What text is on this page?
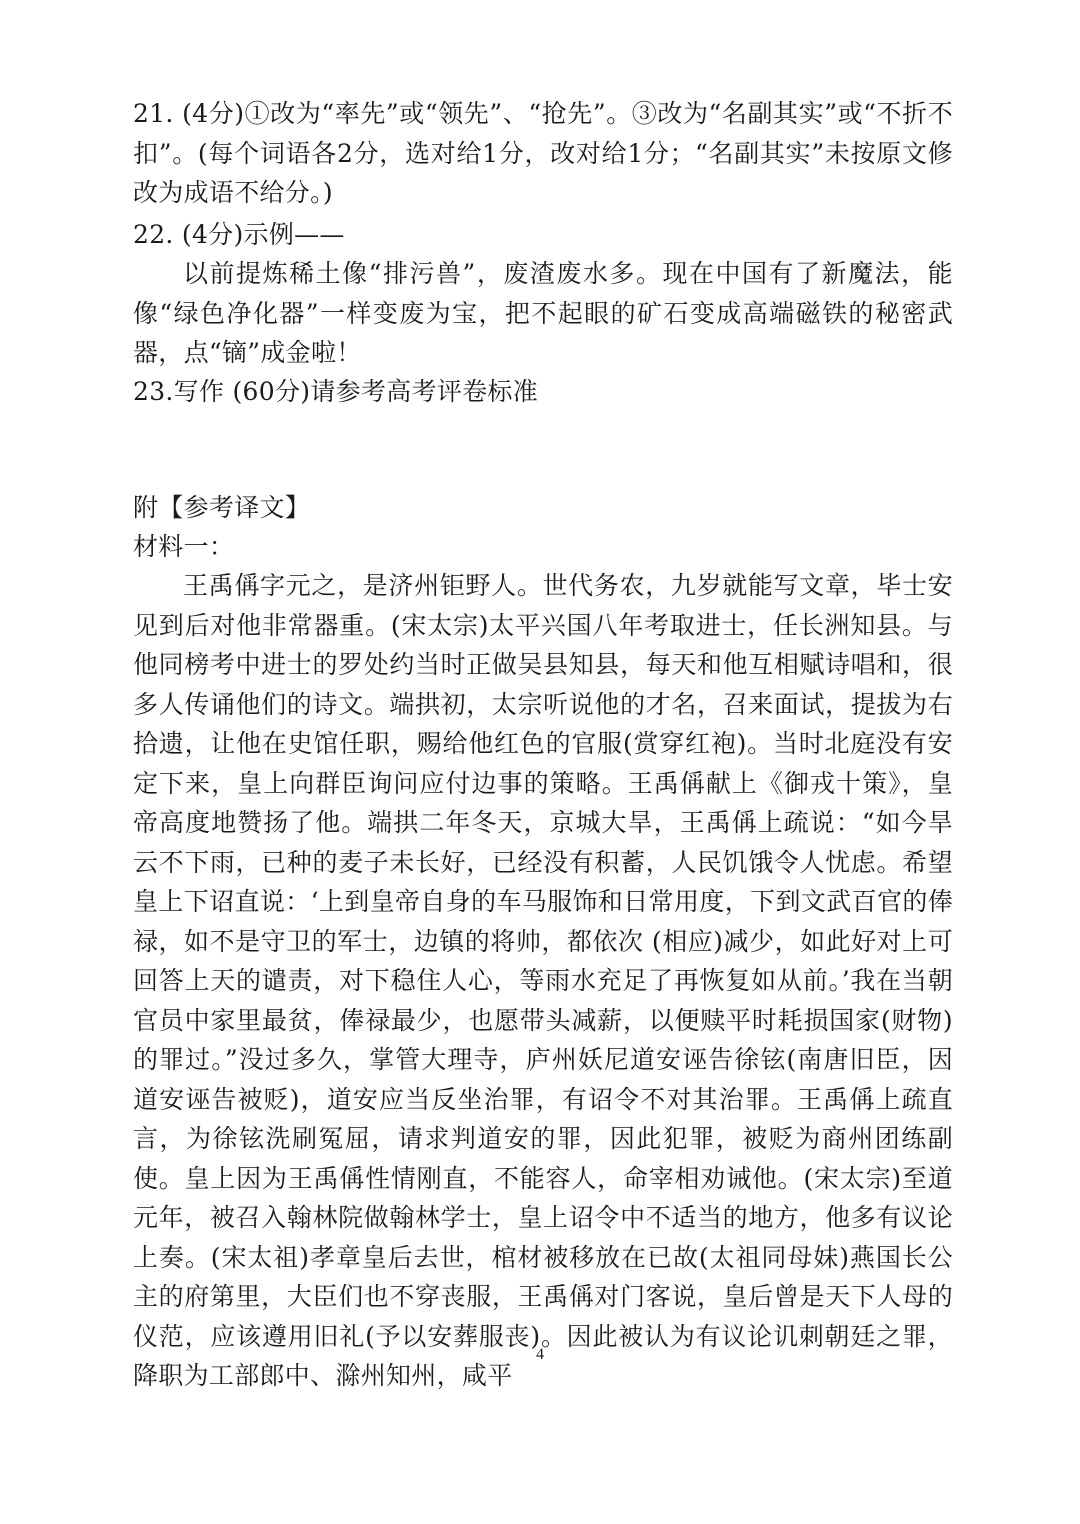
21. (4分)①改为“率先”或“领先”、“抢先”。③改为“名副其实”或“不折不扣”。(每个词语各2分，选对给1分，改对给1分；“名副其实”未按原文修改为成语不给分。)

22. (4分)示例——

以前提炼稀土像“排污兽”，废渣废水多。现在中国有了新魔法，能像“绿色净化器”一样变废为宝，把不起眼的矿石变成高端磁铁的秘密武器，点“镝”成金啦！

23.写作 (60分)请参考高考评卷标准

附【参考译文】

材料一：

王禹偁字元之，是济州钜野人。世代务农，九岁就能写文章，毕士安见到后对他非常器重。(宋太宗)太平兴国八年考取进士，任长洲知县。与他同榜考中进士的罗处约当时正做吴县知县，每天和他互相赋诗唱和，很多人传诵他们的诗文。端拱初，太宗听说他的才名，召来面试，提拔为右拾遗，让他在史馆任职，赐给他红色的官服(赏穿红袍)。当时北庭没有安定下来，皇上向群臣询问应付边事的策略。王禹偁献上《御戎十策》，皇帝高度地赞扬了他。端拱二年冬天，京城大旱，王禹偁上疏说：“如今旱云不下雨，已种的麦子未长好，已经没有积蓄，人民饥饿令人忧虑。希望皇上下诏直说：‘上到皇帝自身的车马服饰和日常用度，下到文武百官的俸禄，如不是守卫的军士，边镇的将帅，都依次 (相应)减少，如此好对上可回答上天的谴责，对下稳住人心，等雨水充足了再恢复如从前。’我在当朝官员中家里最贫，俸禄最少，也愿带头减薪，以便赎平时耗损国家(财物)的罪过。”没过多久，掌管大理寺，庐州妖尼道安诬告徐铉(南唐旧臣，因道安诬告被贬)，道安应当反坐治罪，有诏令不对其治罪。王禹偁上疏直言，为徐铉洗刷冤屈，请求判道安的罪，因此犯罪，被贬为商州团练副使。皇上因为王禹偁性情刚直，不能容人，命宰相劝诫他。(宋太宗)至道元年，被召入翰林院做翰林学士，皇上诏令中不适当的地方，他多有议论上奏。(宋太祖)孝章皇后去世，棺材被移放在已故(太祖同母妹)燕国长公主的府第里，大臣们也不穿丧服，王禹偁对门客说，皇后曾是天下人母的仪范，应该遵用旧礼(予以安葬服丧)。因此被认为有议论讥刺朝廷之罪，降职为工部郎中、滁州知州，咸平

4
